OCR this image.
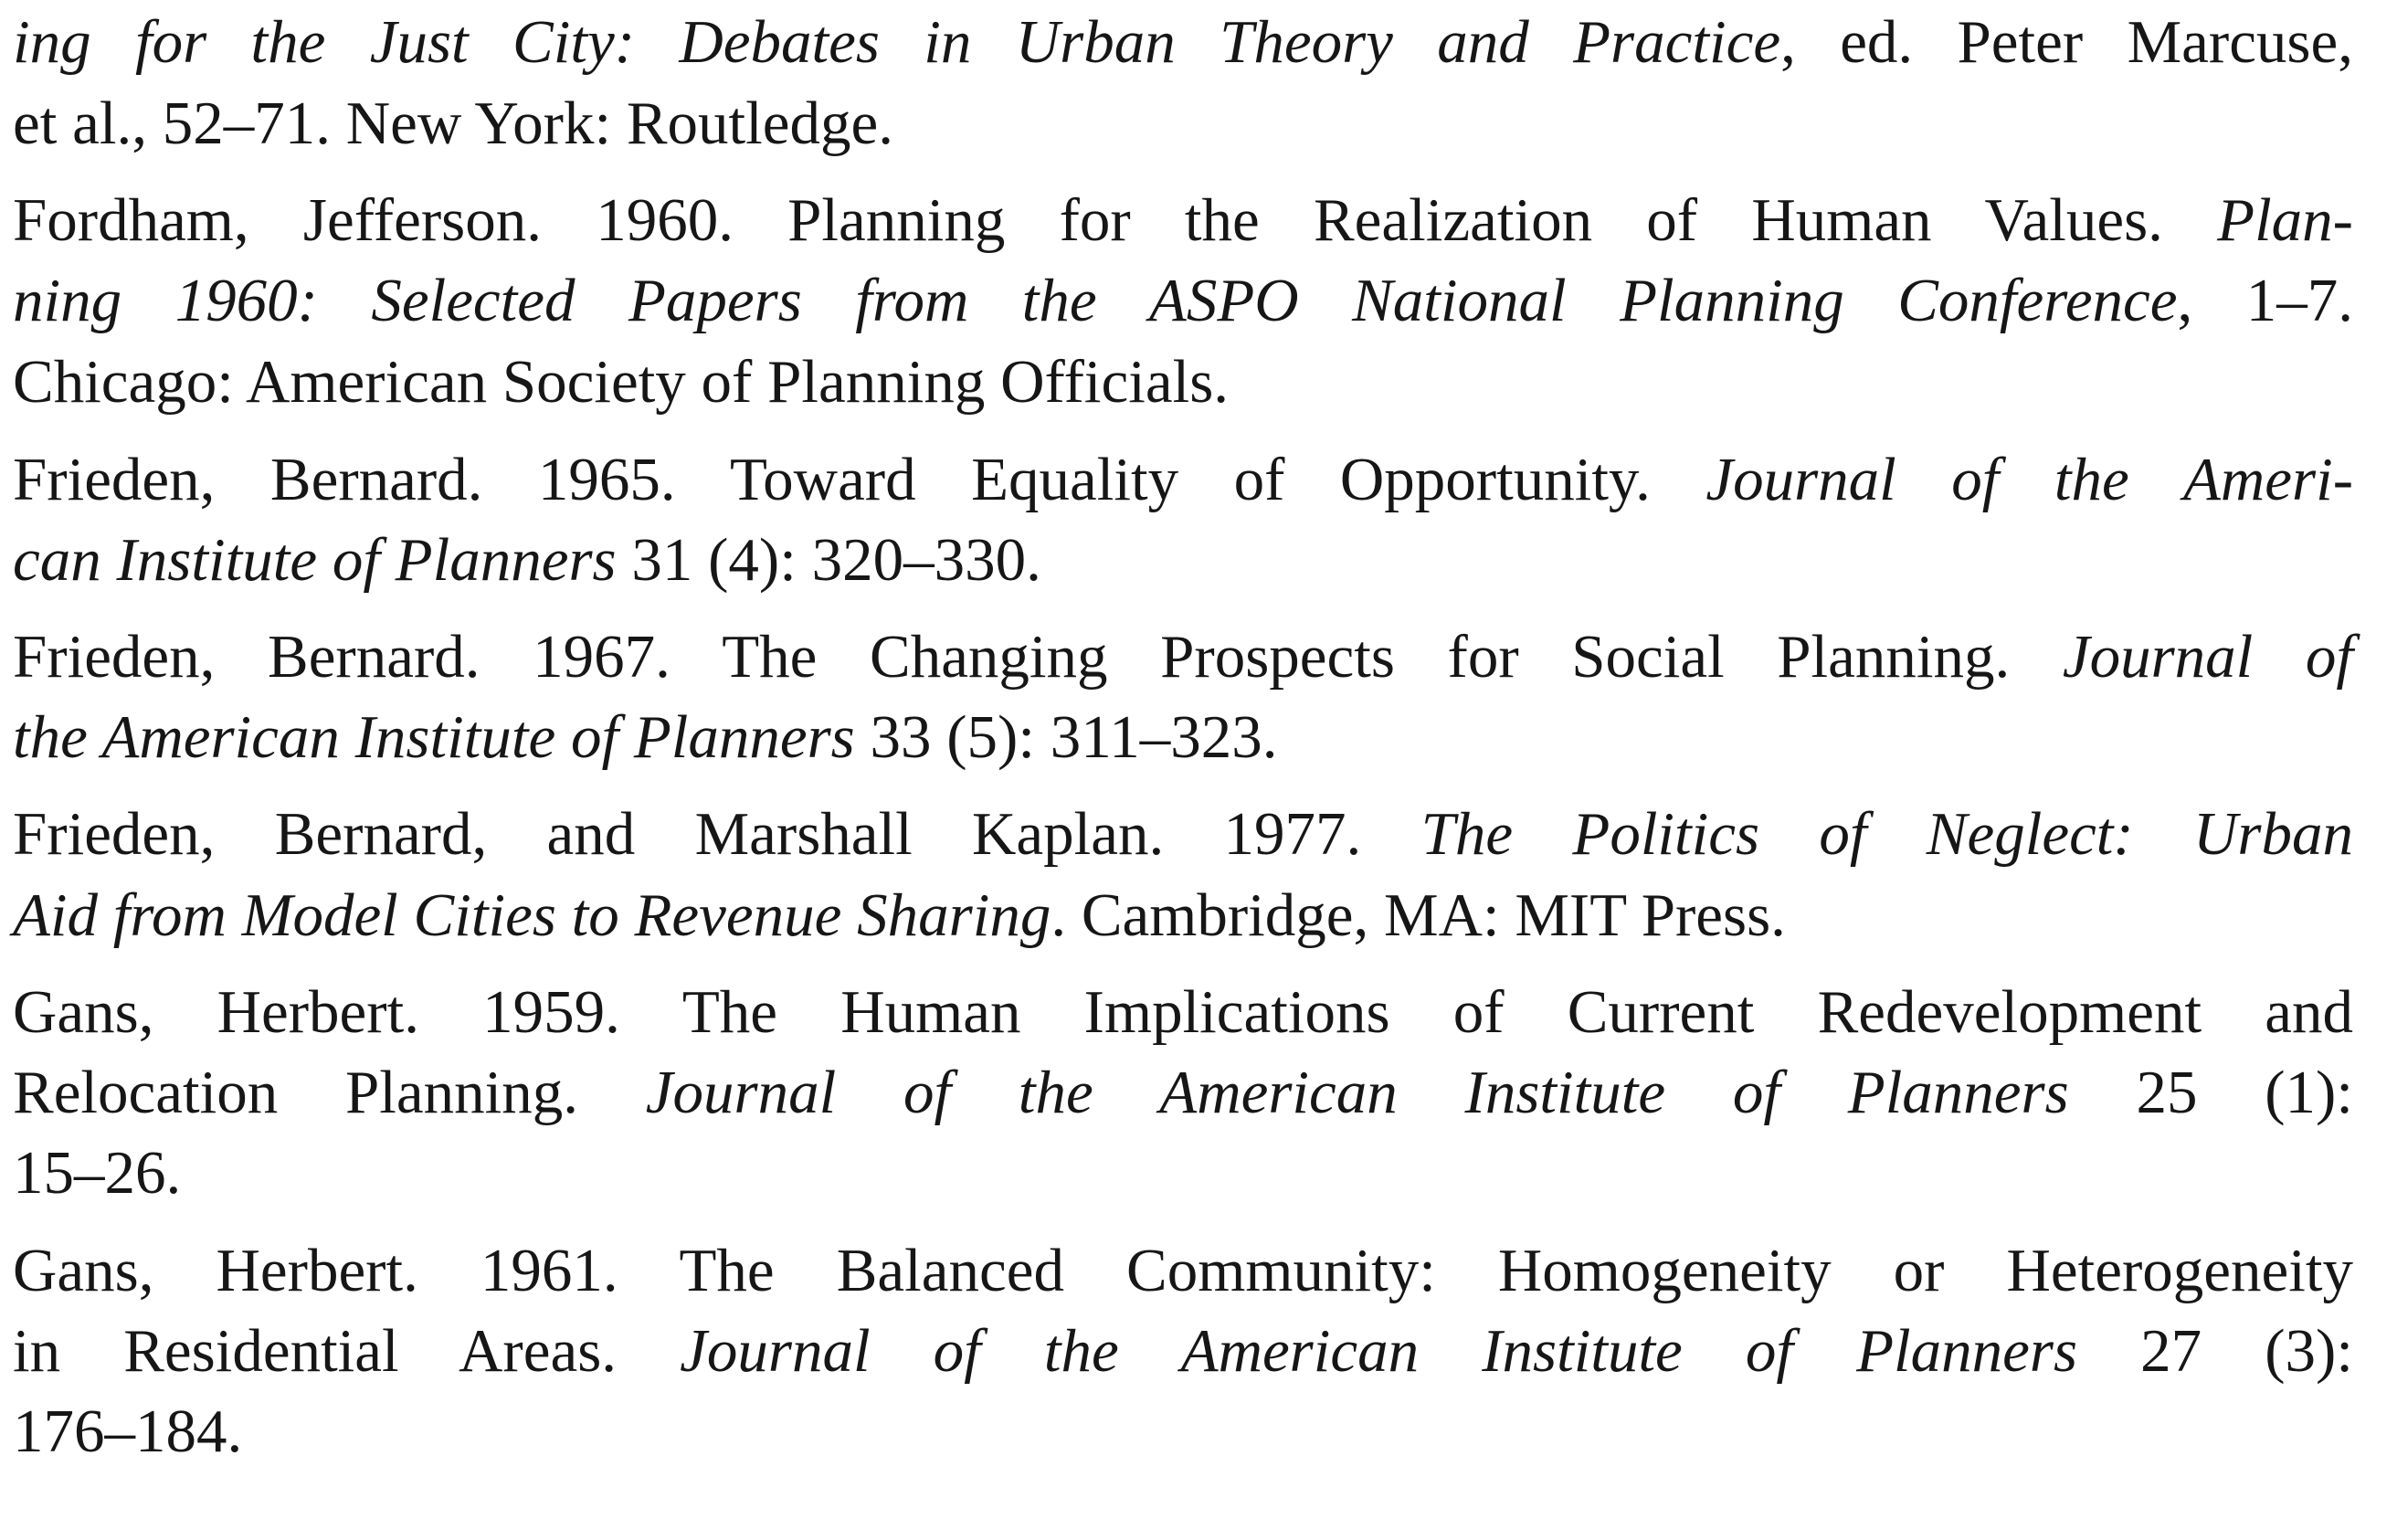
ing for the Just City: Debates in Urban Theory and Practice, ed. Peter Marcuse,
et al., 52–71. New York: Routledge.
Fordham, Jefferson. 1960. Planning for the Realization of Human Values. Plan-
ning 1960: Selected Papers from the ASPO National Planning Conference, 1–7.
Chicago: American Society of Planning Officials.
Frieden, Bernard. 1965. Toward Equality of Opportunity. Journal of the Ameri-
can Institute of Planners 31 (4): 320–330.
Frieden, Bernard. 1967. The Changing Prospects for Social Planning. Journal of
the American Institute of Planners 33 (5): 311–323.
Frieden, Bernard, and Marshall Kaplan. 1977. The Politics of Neglect: Urban
Aid from Model Cities to Revenue Sharing. Cambridge, MA: MIT Press.
Gans, Herbert. 1959. The Human Implications of Current Redevelopment and
Relocation Planning. Journal of the American Institute of Planners 25 (1):
15–26.
Gans, Herbert. 1961. The Balanced Community: Homogeneity or Heterogeneity
in Residential Areas. Journal of the American Institute of Planners 27 (3):
176–184.
